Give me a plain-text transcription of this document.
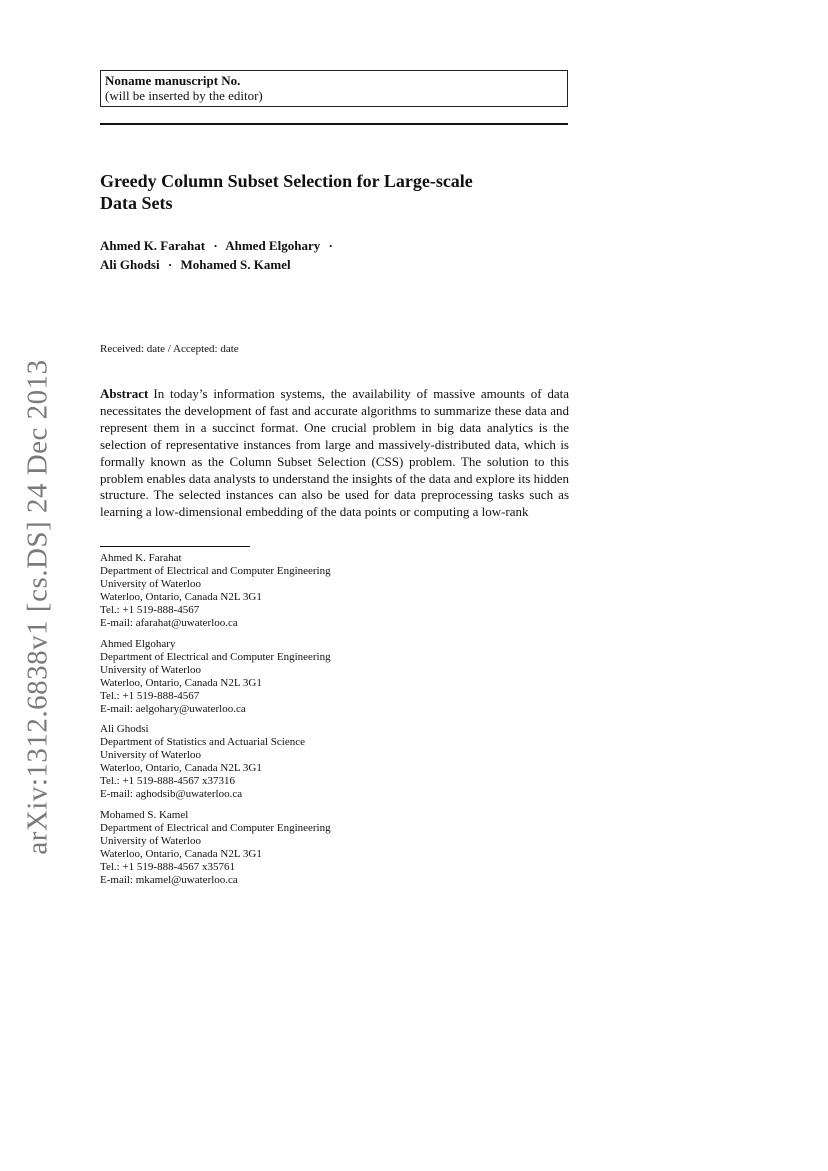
arXiv:1312.6838v1 [cs.DS] 24 Dec 2013
Noname manuscript No.
(will be inserted by the editor)
Greedy Column Subset Selection for Large-scale
Data Sets
Ahmed K. Farahat · Ahmed Elgohary ·
Ali Ghodsi · Mohamed S. Kamel
Received: date / Accepted: date
Abstract In today’s information systems, the availability of massive amounts of data necessitates the development of fast and accurate algorithms to summarize these data and represent them in a succinct format. One crucial problem in big data analytics is the selection of representative instances from large and massively-distributed data, which is formally known as the Column Subset Selection (CSS) problem. The solution to this problem enables data analysts to understand the insights of the data and explore its hidden structure. The selected instances can also be used for data preprocessing tasks such as learning a low-dimensional embedding of the data points or computing a low-rank
Ahmed K. Farahat
Department of Electrical and Computer Engineering
University of Waterloo
Waterloo, Ontario, Canada N2L 3G1
Tel.: +1 519-888-4567
E-mail: afarahat@uwaterloo.ca
Ahmed Elgohary
Department of Electrical and Computer Engineering
University of Waterloo
Waterloo, Ontario, Canada N2L 3G1
Tel.: +1 519-888-4567
E-mail: aelgohary@uwaterloo.ca
Ali Ghodsi
Department of Statistics and Actuarial Science
University of Waterloo
Waterloo, Ontario, Canada N2L 3G1
Tel.: +1 519-888-4567 x37316
E-mail: aghodsib@uwaterloo.ca
Mohamed S. Kamel
Department of Electrical and Computer Engineering
University of Waterloo
Waterloo, Ontario, Canada N2L 3G1
Tel.: +1 519-888-4567 x35761
E-mail: mkamel@uwaterloo.ca
